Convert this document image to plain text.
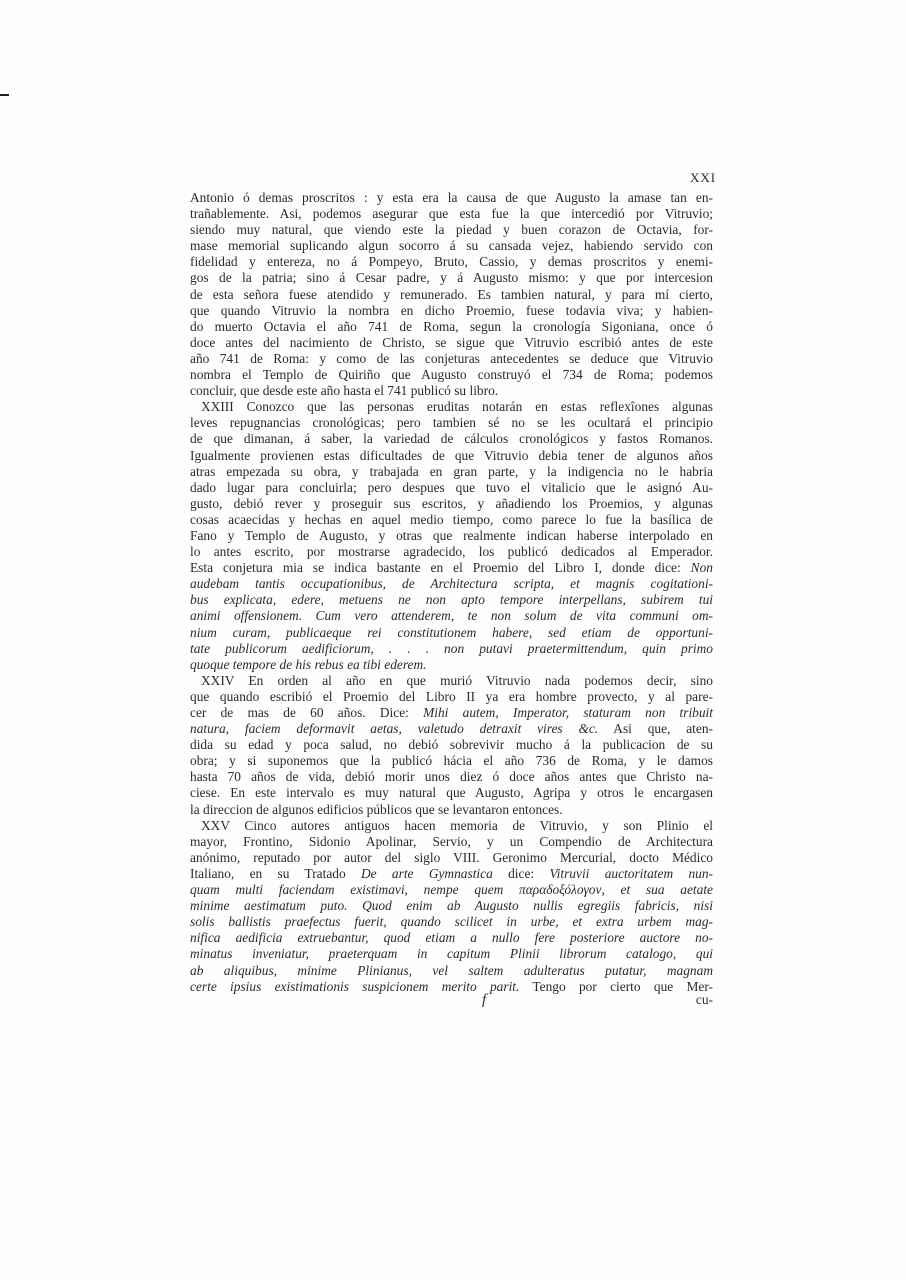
XXI
Antonio ó demas proscritos : y esta era la causa de que Augusto la amase tan en-
trañablemente. Asi, podemos asegurar que esta fue la que intercedió por Vitruvio;
siendo muy natural, que viendo este la piedad y buen corazon de Octavia, for-
mase memorial suplicando algun socorro á su cansada vejez, habiendo servido con
fidelidad y entereza, no á Pompeyo, Bruto, Cassio, y demas proscritos y enemi-
gos de la patria; sino á Cesar padre, y á Augusto mismo: y que por intercesion
de esta señora fuese atendido y remunerado. Es tambien natural, y para mí cierto,
que quando Vitruvio la nombra en dicho Proemio, fuese todavia viva; y habien-
do muerto Octavia el año 741 de Roma, segun la cronología Sigoniana, once ó
doce antes del nacimiento de Christo, se sigue que Vitruvio escribió antes de este
año 741 de Roma: y como de las conjeturas antecedentes se deduce que Vitruvio
nombra el Templo de Quiriño que Augusto construyó el 734 de Roma; podemos
concluir, que desde este año hasta el 741 publicó su libro.
XXIII Conozco que las personas eruditas notarán en estas reflexîones algunas
leves repugnancias cronológicas; pero tambien sé no se les ocultará el principio
de que dimanan, á saber, la variedad de cálculos cronológicos y fastos Romanos.
Igualmente provienen estas dificultades de que Vitruvio debia tener de algunos años
atras empezada su obra, y trabajada en gran parte, y la indigencia no le habria
dado lugar para concluirla; pero despues que tuvo el vitalicio que le asignó Au-
gusto, debió rever y proseguir sus escritos, y añadiendo los Proemios, y algunas
cosas acaecidas y hechas en aquel medio tiempo, como parece lo fue la basílica de
Fano y Templo de Augusto, y otras que realmente indican haberse interpolado en
lo antes escrito, por mostrarse agradecido, los publicó dedicados al Emperador.
Esta conjetura mia se indica bastante en el Proemio del Libro I, donde dice: Non
audebam tantis occupationibus, de Architectura scripta, et magnis cogitationi-
bus explicata, edere, metuens ne non apto tempore interpellans, subirem tui
animi offensionem. Cum vero attenderem, te non solum de vita communi om-
nium curam, publicaeque rei constitutionem habere, sed etiam de opportuni-
tate publicorum aedificiorum, . . . non putavi praetermittendum, quin primo
quoque tempore de his rebus ea tibi ederem.
XXIV En orden al año en que murió Vitruvio nada podemos decir, sino
que quando escribió el Proemio del Libro II ya era hombre provecto, y al pare-
cer de mas de 60 años. Dice: Mihi autem, Imperator, staturam non tribuit
natura, faciem deformavit aetas, valetudo detraxit vires &c. Asi que, aten-
dida su edad y poca salud, no debió sobrevivir mucho á la publicacion de su
obra; y si suponemos que la publicó hácia el año 736 de Roma, y le damos
hasta 70 años de vida, debió morir unos diez ó doce años antes que Christo na-
ciese. En este intervalo es muy natural que Augusto, Agripa y otros le encargasen
la direccion de algunos edificios públicos que se levantaron entonces.
XXV Cinco autores antiguos hacen memoria de Vitruvio, y son Plinio el
mayor, Frontino, Sidonio Apolinar, Servio, y un Compendio de Architectura
anónimo, reputado por autor del siglo VIII. Geronimo Mercurial, docto Médico
Italiano, en su Tratado De arte Gymnastica dice: Vitruvii auctoritatem nun-
quam multi faciendam existimavi, nempe quem παραδοξόλογον, et sua aetate
minime aestimatum puto. Quod enim ab Augusto nullis egregiis fabricis, nisi
solis ballistis praefectus fuerit, quando scilicet in urbe, et extra urbem mag-
nifica aedificia extruebantur, quod etiam a nullo fere posteriore auctore no-
minatus inveniatur, praeterquam in capitum Plinii librorum catalogo, qui
ab aliquibus, minime Plinianus, vel saltem adulteratus putatur, magnam
certe ipsius existimationis suspicionem merito parit. Tengo por cierto que Mer-
f	cu-
